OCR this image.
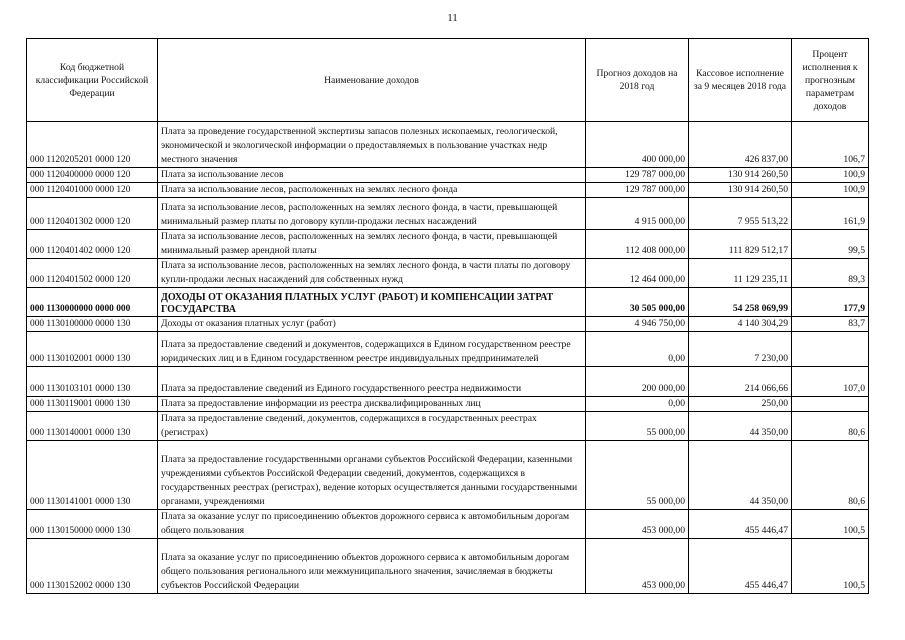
11
Код бюджетной классификации Российской Федерации	Наименование доходов	Прогноз доходов на 2018 год	Кассовое исполнение за 9 месяцев 2018 года	Процент исполнения к прогнозным параметрам доходов
000 1120205201 0000 120	Плата за проведение государственной экспертизы запасов полезных ископаемых, геологической, экономической и экологической информации о предоставляемых в пользование участках недр местного значения	400 000,00	426 837,00	106,7
000 1120400000 0000 120	Плата за использование лесов	129 787 000,00	130 914 260,50	100,9
000 1120401000 0000 120	Плата за использование лесов, расположенных на землях лесного фонда	129 787 000,00	130 914 260,50	100,9
000 1120401302 0000 120	Плата за использование лесов, расположенных на землях лесного фонда, в части, превышающей минимальный размер платы по договору купли-продажи лесных насаждений	4 915 000,00	7 955 513,22	161,9
000 1120401402 0000 120	Плата за использование лесов, расположенных на землях лесного фонда, в части, превышающей минимальный размер арендной платы	112 408 000,00	111 829 512,17	99,5
000 1120401502 0000 120	Плата за использование лесов, расположенных на землях лесного фонда, в части платы по договору купли-продажи лесных насаждений для собственных нужд	12 464 000,00	11 129 235,11	89,3
000 1130000000 0000 000	ДОХОДЫ ОТ ОКАЗАНИЯ ПЛАТНЫХ УСЛУГ (РАБОТ) И КОМПЕНСАЦИИ ЗАТРАТ ГОСУДАРСТВА	30 505 000,00	54 258 069,99	177,9
000 1130100000 0000 130	Доходы от оказания платных услуг (работ)	4 946 750,00	4 140 304,29	83,7
000 1130102001 0000 130	Плата за предоставление сведений и документов, содержащихся в Едином государственном реестре юридических лиц и в Едином государственном реестре индивидуальных предпринимателей	0,00	7 230,00	
000 1130103101 0000 130	Плата за предоставление сведений из Единого государственного реестра недвижимости	200 000,00	214 066,66	107,0
000 1130119001 0000 130	Плата за предоставление информации из реестра дисквалифицированных лиц	0,00	250,00	
000 1130140001 0000 130	Плата за предоставление сведений, документов, содержащихся в государственных реестрах (регистрах)	55 000,00	44 350,00	80,6
000 1130141001 0000 130	Плата за предоставление государственными органами субъектов Российской Федерации, казенными учреждениями субъектов Российской Федерации сведений, документов, содержащихся в государственных реестрах (регистрах), ведение которых осуществляется данными государственными органами, учреждениями	55 000,00	44 350,00	80,6
000 1130150000 0000 130	Плата за оказание услуг по присоединению объектов дорожного сервиса к автомобильным дорогам общего пользования	453 000,00	455 446,47	100,5
000 1130152002 0000 130	Плата за оказание услуг по присоединению объектов дорожного сервиса к автомобильным дорогам общего пользования регионального или межмуниципального значения, зачисляемая в бюджеты субъектов Российской Федерации	453 000,00	455 446,47	100,5
